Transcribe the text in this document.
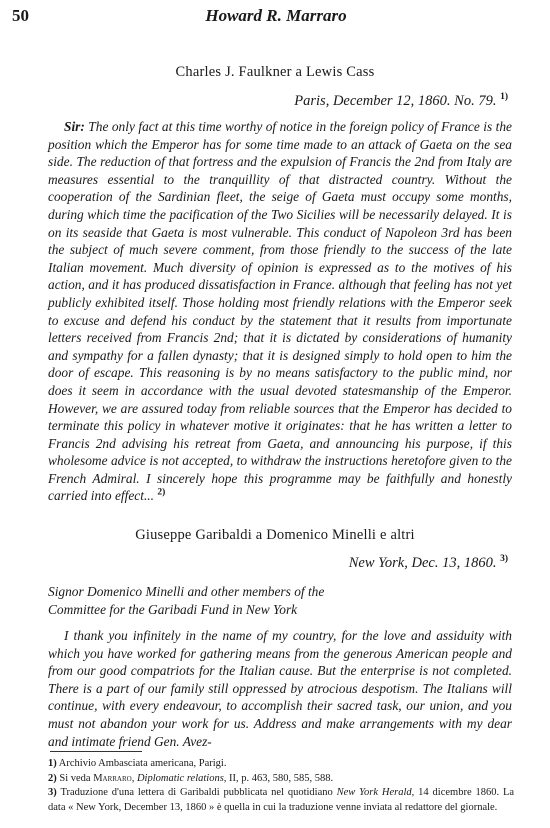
50	Howard R. Marraro
Charles J. Faulkner a Lewis Cass
Paris, December 12, 1860. No. 79. $^{1)}$
Sir: The only fact at this time worthy of notice in the foreign policy of France is the position which the Emperor has for some time made to an attack of Gaeta on the sea side. The reduction of that fortress and the expulsion of Francis the 2nd from Italy are measures essential to the tranquillity of that distracted country. Without the cooperation of the Sardinian fleet, the seige of Gaeta must occupy some months, during which time the pacification of the Two Sicilies will be necessarily delayed. It is on its seaside that Gaeta is most vulnerable. This conduct of Napoleon 3rd has been the subject of much severe comment, from those friendly to the success of the late Italian movement. Much diversity of opinion is expressed as to the motives of his action, and it has produced dissatisfaction in France. although that feeling has not yet publicly exhibited itself. Those holding most friendly relations with the Emperor seek to excuse and defend his conduct by the statement that it results from importunate letters received from Francis 2nd; that it is dictated by considerations of humanity and sympathy for a fallen dynasty; that it is designed simply to hold open to him the door of escape. This reasoning is by no means satisfactory to the public mind, nor does it seem in accordance with the usual devoted statesmanship of the Emperor. However, we are assured today from reliable sources that the Emperor has decided to terminate this policy in whatever motive it originates: that he has written a letter to Francis 2nd advising his retreat from Gaeta, and announcing his purpose, if this wholesome advice is not accepted, to withdraw the instructions heretofore given to the French Admiral. I sincerely hope this programme may be faithfully and honestly carried into effect... $^{2)}$
Giuseppe Garibaldi a Domenico Minelli e altri
New York, Dec. 13, 1860. $^{3)}$
Signor Domenico Minelli and other members of the
Committee for the Garibadi Fund in New York
I thank you infinitely in the name of my country, for the love and assiduity with which you have worked for gathering means from the generous American people and from our good compatriots for the Italian cause. But the enterprise is not completed. There is a part of our family still oppressed by atrocious despotism. The Italians will continue, with every endeavour, to accomplish their sacred task, our union, and you must not abandon your work for us. Address and make arrangements with my dear and intimate friend Gen. Avez-

1) Archivio Ambasciata americana, Parigi.

2) Si veda Marraro, Diplomatic relations, II, p. 463, 580, 585, 588.

3) Traduzione d'una lettera di Garibaldi pubblicata nel quotidiano New York Herald, 14 dicembre 1860. La data « New York, December 13, 1860 » è quella in cui la traduzione venne inviata al redattore del giornale.
